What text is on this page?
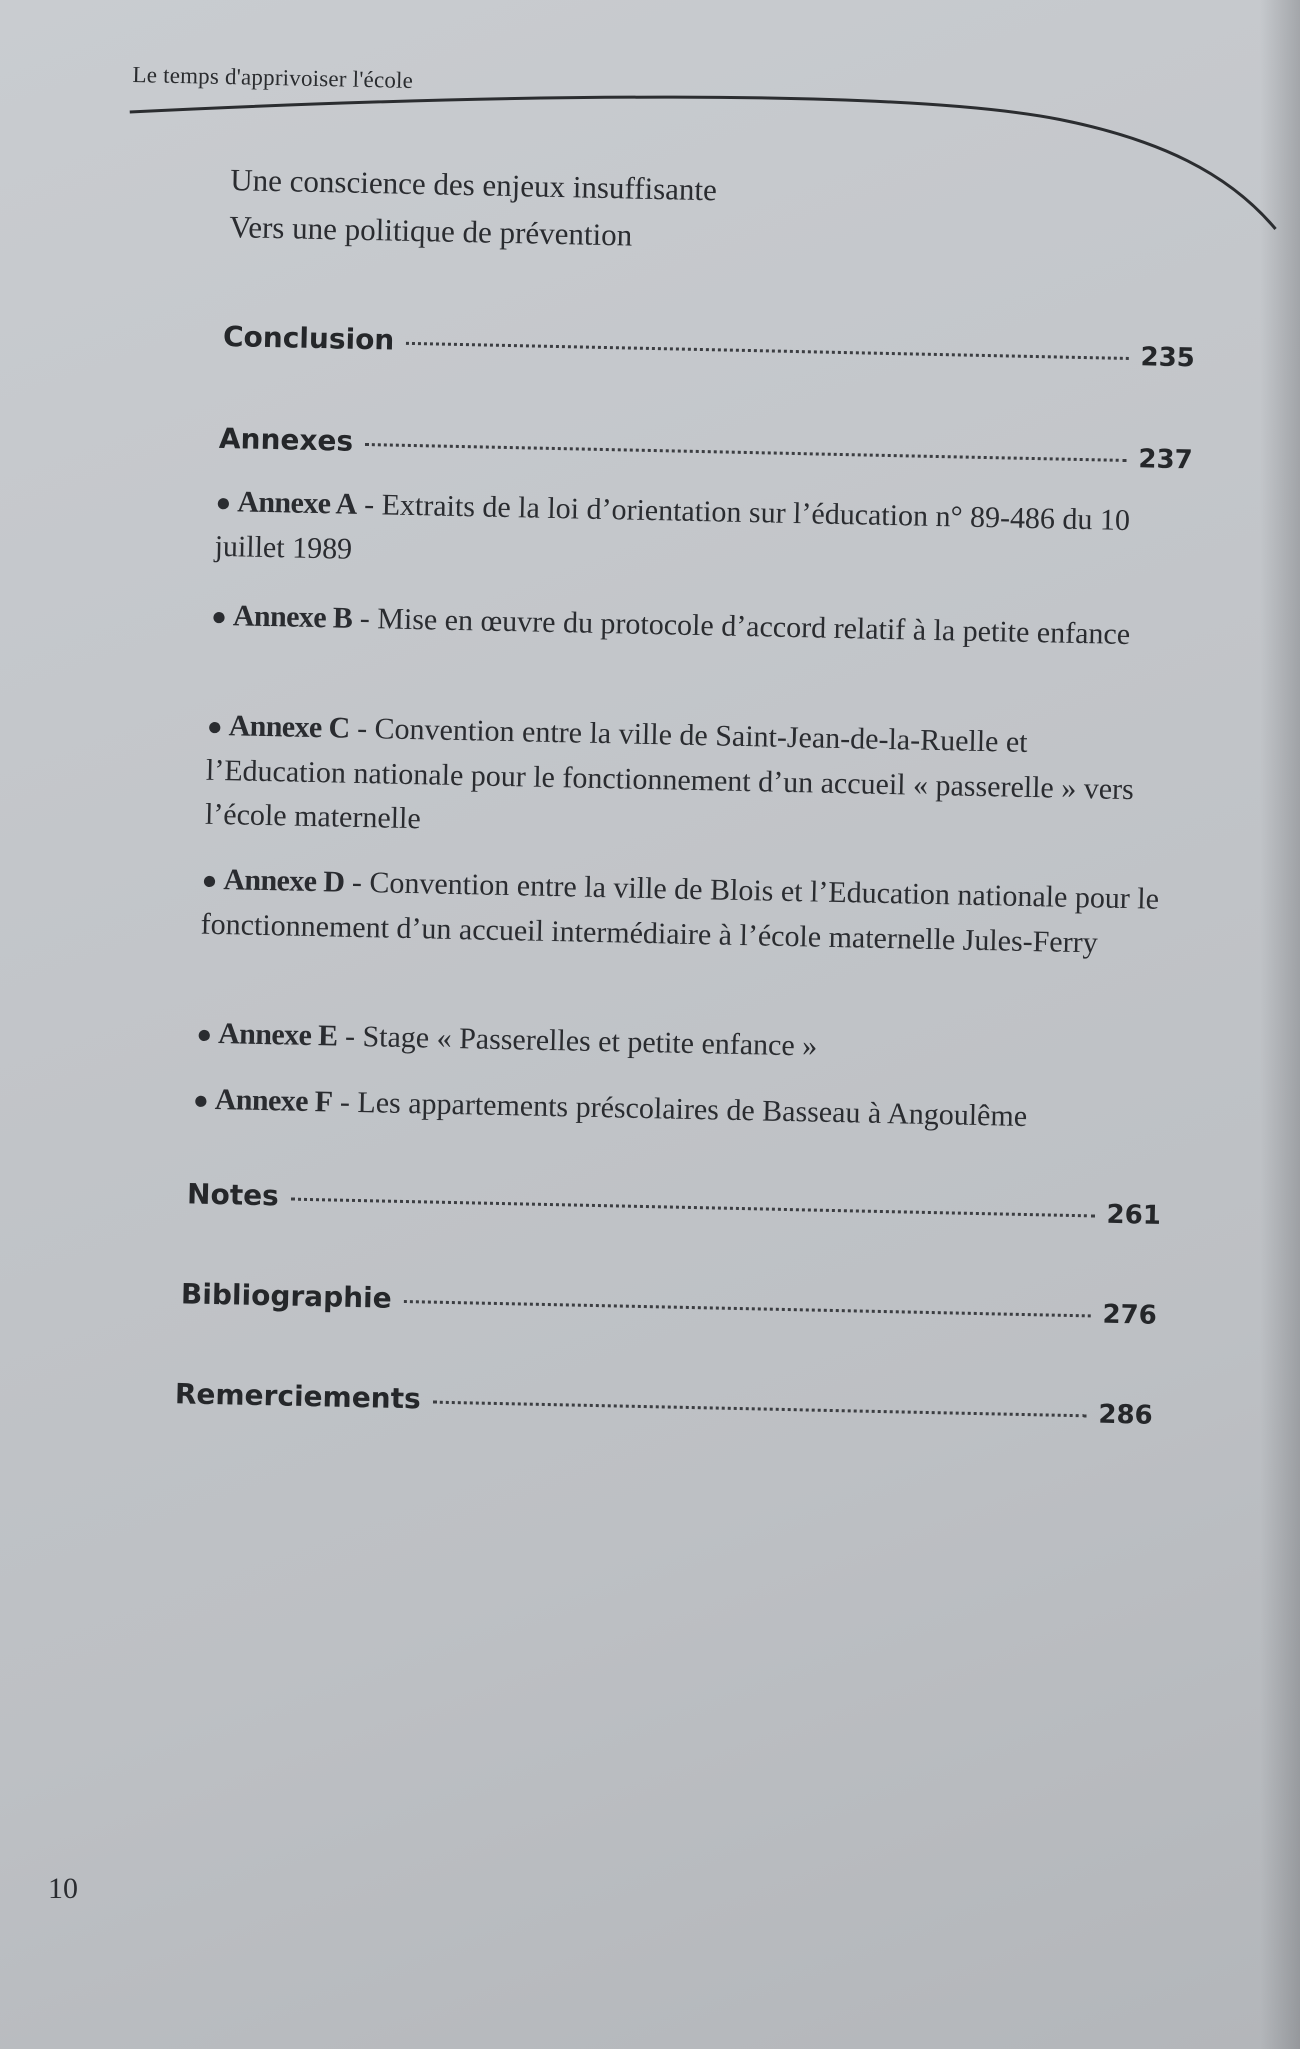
Le temps d'apprivoiser l'école
Une conscience des enjeux insuffisante
Vers une politique de prévention
Conclusion
235
Annexes
237
● Annexe A - Extraits de la loi d’orientation sur l’éducation n° 89-486 du 10 juillet 1989
● Annexe B - Mise en œuvre du protocole d’accord relatif à la petite enfance
● Annexe C - Convention entre la ville de Saint-Jean-de-la-Ruelle et l’Education nationale pour le fonctionnement d’un accueil « passerelle » vers l’école maternelle
● Annexe D - Convention entre la ville de Blois et l’Education nationale pour le fonctionnement d’un accueil intermédiaire à l’école maternelle Jules-Ferry
● Annexe E - Stage « Passerelles et petite enfance »
● Annexe F - Les appartements préscolaires de Basseau à Angoulême
Notes
261
Bibliographie
276
Remerciements	286
10
